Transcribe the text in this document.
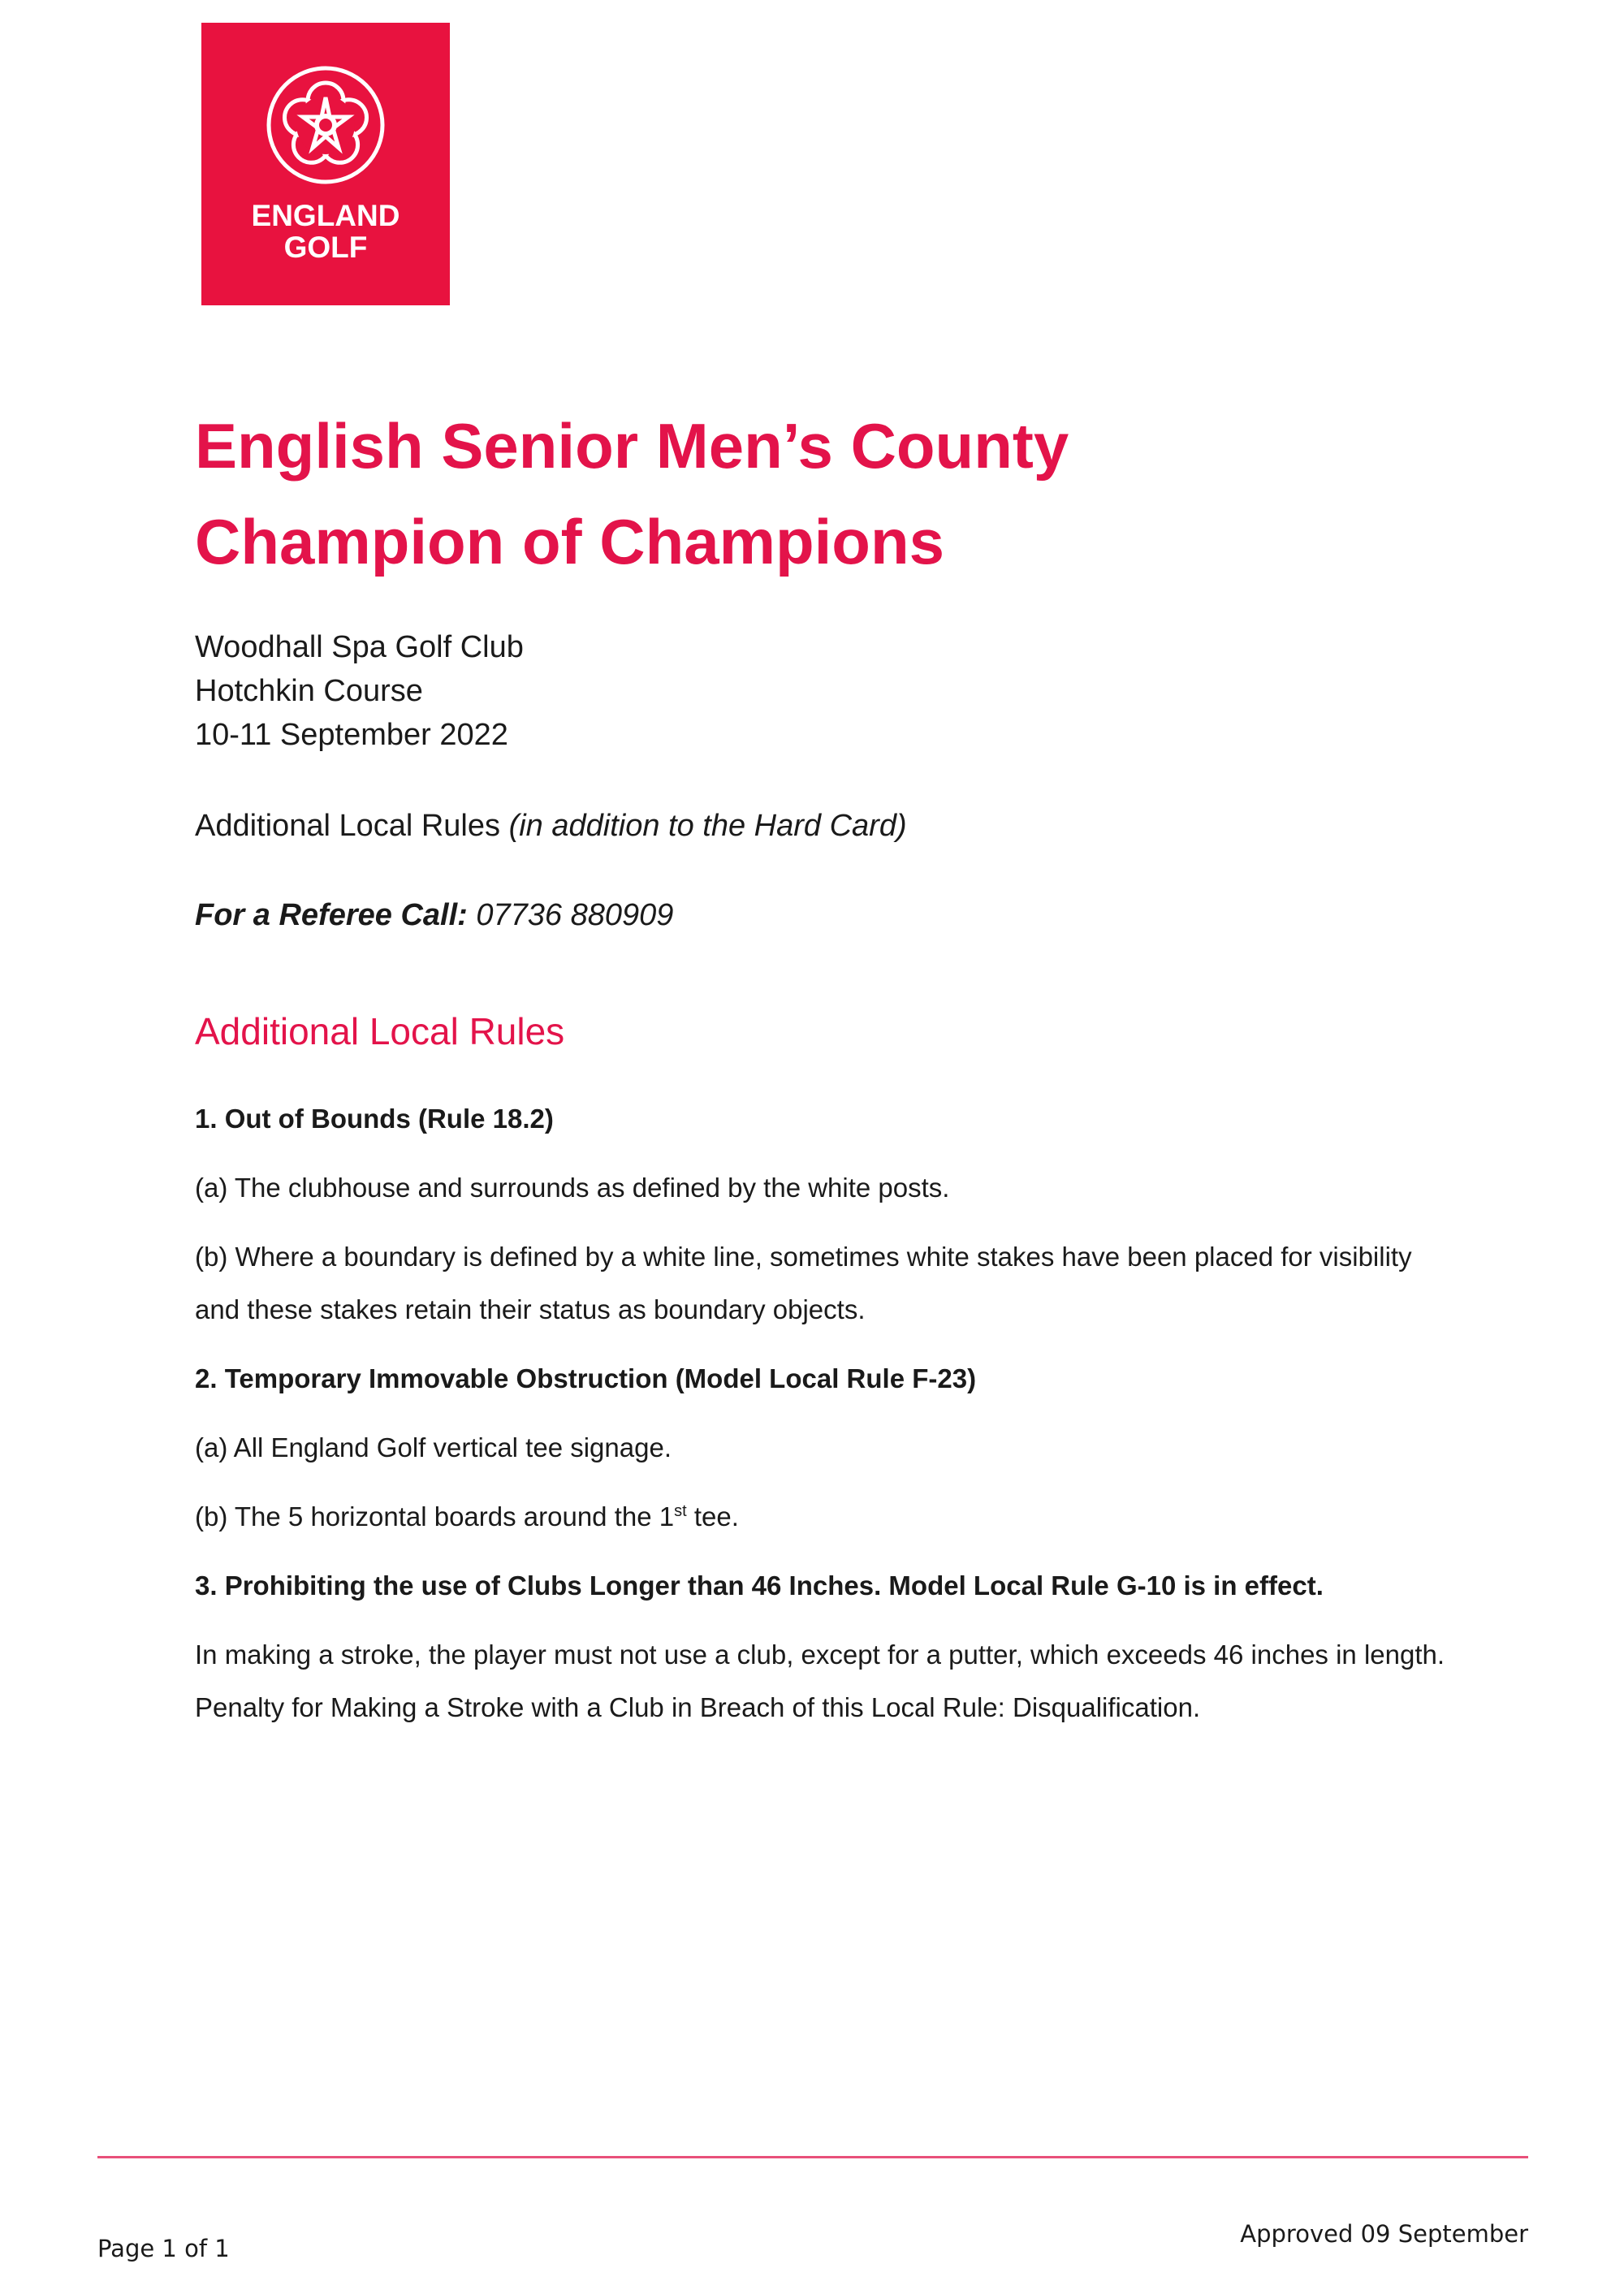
ENGLAND
GOLF
English Senior Men’s County
Champion of Champions
Woodhall Spa Golf Club
Hotchkin Course
10-11 September 2022
Additional Local Rules (in addition to the Hard Card)
For a Referee Call: 07736 880909
Additional Local Rules

1. Out of Bounds (Rule 18.2)

(a) The clubhouse and surrounds as defined by the white posts.

(b) Where a boundary is defined by a white line, sometimes white stakes have been placed for visibility and these stakes retain their status as boundary objects.

2. Temporary Immovable Obstruction (Model Local Rule F-23)

(a) All England Golf vertical tee signage.

(b) The 5 horizontal boards around the 1st tee.

3. Prohibiting the use of Clubs Longer than 46 Inches. Model Local Rule G-10 is in effect.

In making a stroke, the player must not use a club, except for a putter, which exceeds 46 inches in length. Penalty for Making a Stroke with a Club in Breach of this Local Rule: Disqualification.

Page 1 of 1
Approved 09 September
